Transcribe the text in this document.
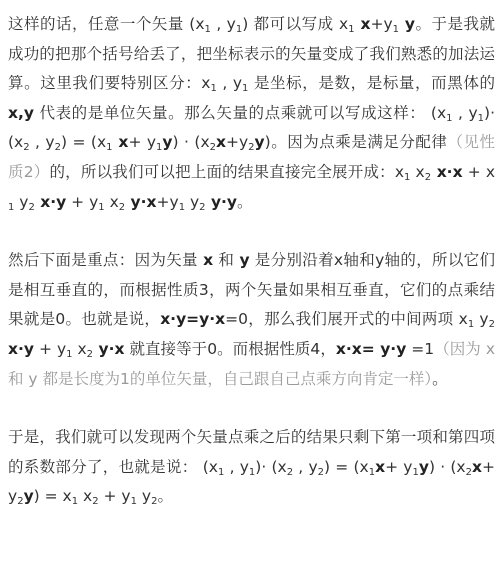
这样的话，任意一个矢量 ($x_1$ , $y_1$) 都可以写成 $x_1$ $x+y_1$ y。于是我就成功的把那个括号给丢了，把坐标表示的矢量变成了我们熟悉的加法运算。这里我们要特别区分：$x_1$ , $y_1$ 是坐标，是数，是标量，而黑体的 x,y 代表的是单位矢量。那么矢量的点乘就可以写成这样： ($x_1$ , $y_1)\cdot (x_2$ , $y_2) = (x_1$ $x+ y_1y) \cdot (x_2x+y_2y)$。因为点乘是满足分配律（见性质2）的，所以我们可以把上面的结果直接完全展开成：$x_1$ $x_2$ $x\cdot x + x_1$ $y_2$ $x\cdot y + y_1$ $x_2$ $y\cdot x+y_1$ $y_2$ y·y。

然后下面是重点：因为矢量 x 和 y 是分别沿着x轴和y轴的，所以它们是相互垂直的，而根据性质3，两个矢量如果相互垂直，它们的点乘结果就是0。也就是说，x·y=y·x=0，那么我们展开式的中间两项 $x_1$ $y_2$ $x\cdot y + y_1$ $x_2$ y·x 就直接等于0。而根据性质4，x·x= y·y =1（因为 x 和 y 都是长度为1的单位矢量，自己跟自己点乘方向肯定一样）。

于是，我们就可以发现两个矢量点乘之后的结果只剩下第一项和第四项的系数部分了，也就是说： ($x_1$ , $y_1)\cdot (x_2$ , $y_2) = (x_1x+ y_1y) \cdot (x_2x+y_2y) = x_1$ $x_2 + y_1$ $y_2$。
